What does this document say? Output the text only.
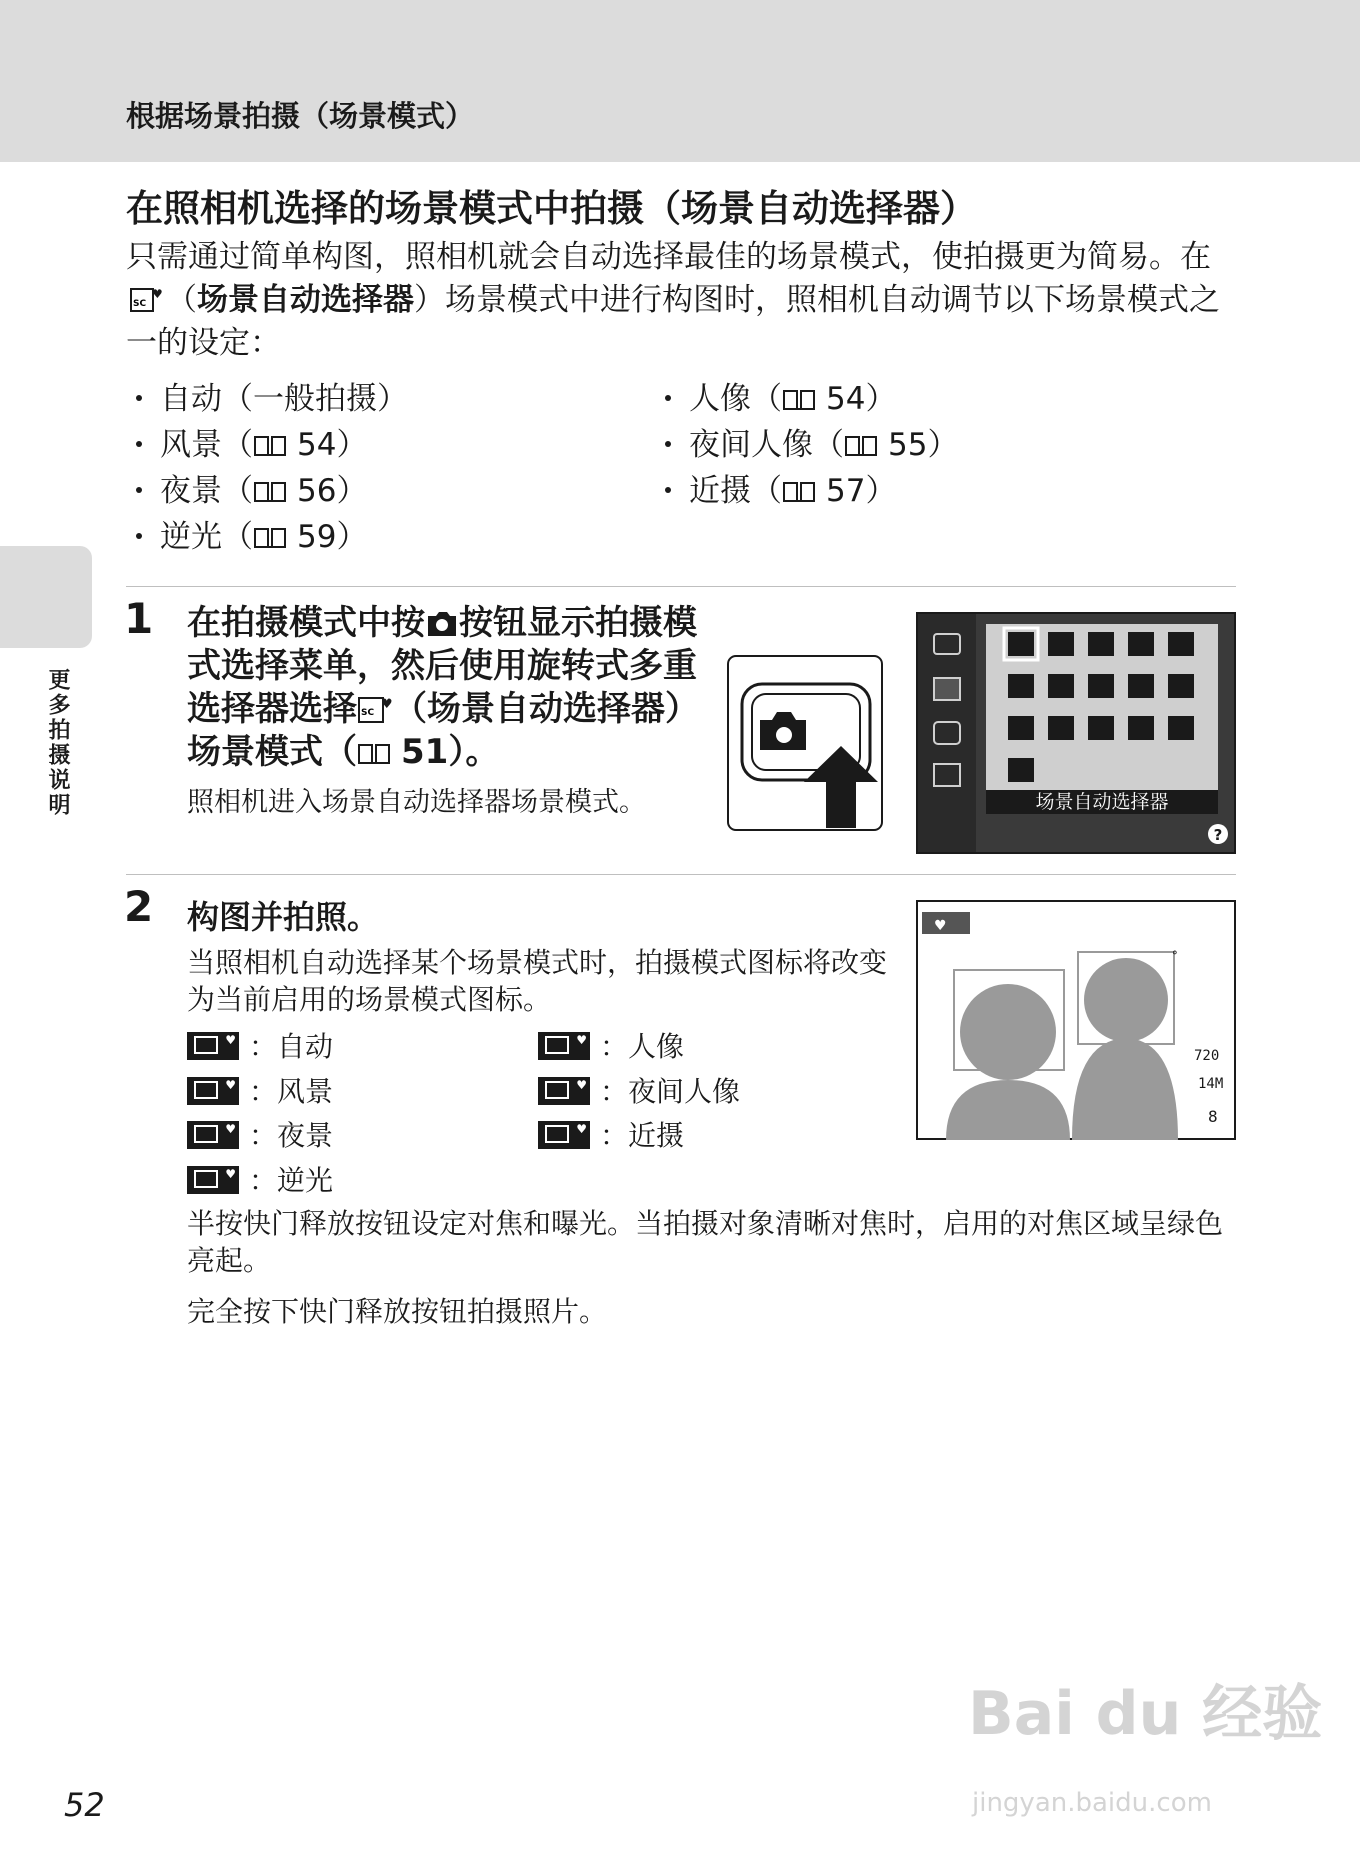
根据场景拍摄（场景模式）
更多拍摄说明
在照相机选择的场景模式中拍摄（场景自动选择器）
只需通过简单构图，照相机就会自动选择最佳的场景模式，使拍摄更为简易。在
SC
♥ （场景自动选择器）场景模式中进行构图时，照相机自动调节以下场景模式之一的设定：
自动（一般拍摄）
风景（ 54）
夜景（ 56）
逆光（ 59）
人像（ 54）
夜间人像（ 55）
近摄（ 57）
1 在拍摄模式中按 按钮显示拍摄模式选择菜单，然后使用旋转式多重选择器选择 SC
♥ （场景自动选择器）场景模式（ 51）。
照相机进入场景自动选择器场景模式。	场景自动选择器
?
2 构图并拍照。
当照相机自动选择某个场景模式时，拍摄模式图标将改变为当前启用的场景模式图标。
♥：自动 ♥	：人像
♥：风景 ♥	：夜间人像
♥：夜景 ♥	：近摄
♥：逆光
♥
ᐤ
720
14M
8
半按快门释放按钮设定对焦和曝光。当拍摄对象清晰对焦时，启用的对焦区域呈绿色亮起。
完全按下快门释放按钮拍摄照片。
52
Bai du 经验
jingyan.baidu.com
